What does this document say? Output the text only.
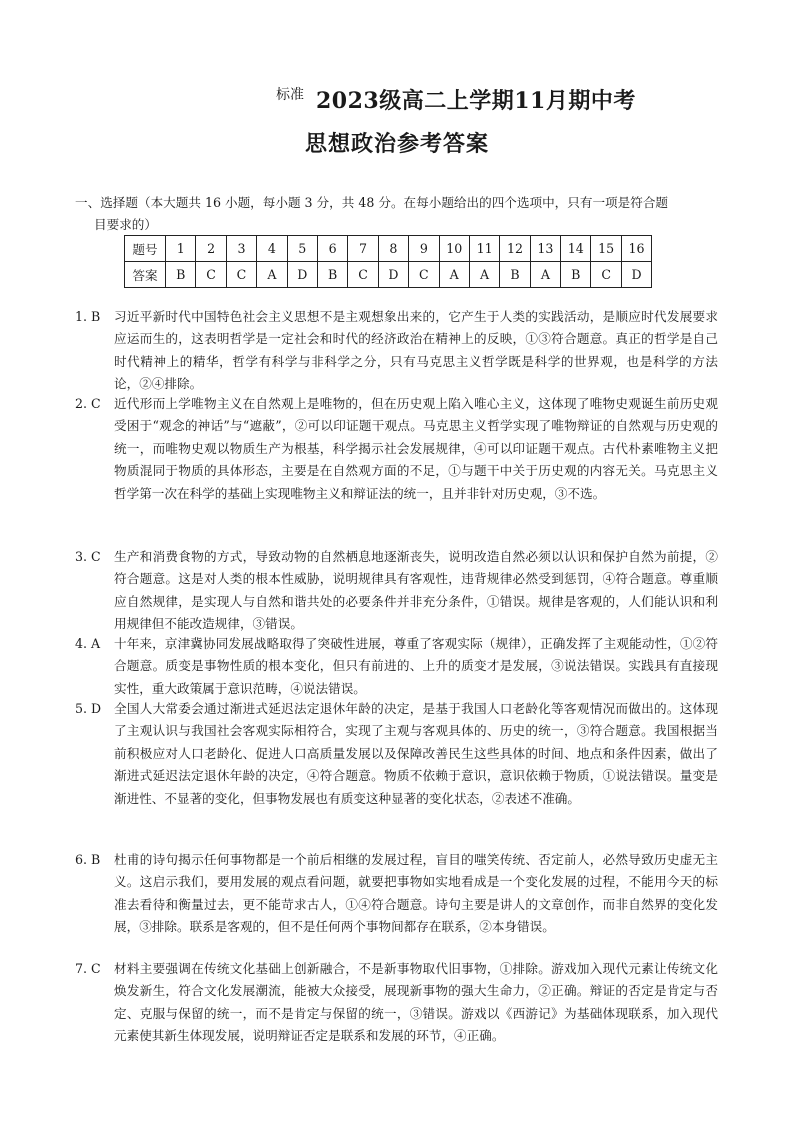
标准 2023级高二上学期11月期中考
思想政治参考答案
一、选择题（本大题共 16 小题，每小题 3 分，共 48 分。在每小题给出的四个选项中，只有一项是符合题
目要求的）
题号	1	2	3	4	5	6	7	8	9	10	11	12	13	14	15	16
答案	B	C	C	A	D	B	C	D	C	A	A	B	A	B	C	D
1. B	习近平新时代中国特色社会主义思想不是主观想象出来的，它产生于人类的实践活动，是顺应时代发展要求应运而生的，这表明哲学是一定社会和时代的经济政治在精神上的反映，①③符合题意。真正的哲学是自己时代精神上的精华，哲学有科学与非科学之分，只有马克思主义哲学既是科学的世界观，也是科学的方法论，②④排除。
2. C	近代形而上学唯物主义在自然观上是唯物的，但在历史观上陷入唯心主义，这体现了唯物史观诞生前历史观受困于“观念的神话”与“遮蔽”，②可以印证题干观点。马克思主义哲学实现了唯物辩证的自然观与历史观的统一，而唯物史观以物质生产为根基，科学揭示社会发展规律，④可以印证题干观点。古代朴素唯物主义把物质混同于物质的具体形态，主要是在自然观方面的不足，①与题干中关于历史观的内容无关。马克思主义哲学第一次在科学的基础上实现唯物主义和辩证法的统一，且并非针对历史观，③不选。
3. C	生产和消费食物的方式，导致动物的自然栖息地逐渐丧失，说明改造自然必须以认识和保护自然为前提，②符合题意。这是对人类的根本性威胁，说明规律具有客观性，违背规律必然受到惩罚，④符合题意。尊重顺应自然规律，是实现人与自然和谐共处的必要条件并非充分条件，①错误。规律是客观的，人们能认识和利用规律但不能改造规律，③错误。
4. A	十年来，京津冀协同发展战略取得了突破性进展，尊重了客观实际（规律），正确发挥了主观能动性，①②符合题意。质变是事物性质的根本变化，但只有前进的、上升的质变才是发展，③说法错误。实践具有直接现实性，重大政策属于意识范畴，④说法错误。
5. D	全国人大常委会通过渐进式延迟法定退休年龄的决定，是基于我国人口老龄化等客观情况而做出的。这体现了主观认识与我国社会客观实际相符合，实现了主观与客观具体的、历史的统一，③符合题意。我国根据当前积极应对人口老龄化、促进人口高质量发展以及保障改善民生这些具体的时间、地点和条件因素，做出了渐进式延迟法定退休年龄的决定，④符合题意。物质不依赖于意识，意识依赖于物质，①说法错误。量变是渐进性、不显著的变化，但事物发展也有质变这种显著的变化状态，②表述不准确。
6. B	杜甫的诗句揭示任何事物都是一个前后相继的发展过程，盲目的嗤笑传统、否定前人，必然导致历史虚无主义。这启示我们，要用发展的观点看问题，就要把事物如实地看成是一个变化发展的过程，不能用今天的标准去看待和衡量过去，更不能苛求古人，①④符合题意。诗句主要是讲人的文章创作，而非自然界的变化发展，③排除。联系是客观的，但不是任何两个事物间都存在联系，②本身错误。
7. C	材料主要强调在传统文化基础上创新融合，不是新事物取代旧事物，①排除。游戏加入现代元素让传统文化焕发新生，符合文化发展潮流，能被大众接受，展现新事物的强大生命力，②正确。辩证的否定是肯定与否定、克服与保留的统一，而不是肯定与保留的统一，③错误。游戏以《西游记》为基础体现联系，加入现代元素使其新生体现发展，说明辩证否定是联系和发展的环节，④正确。
